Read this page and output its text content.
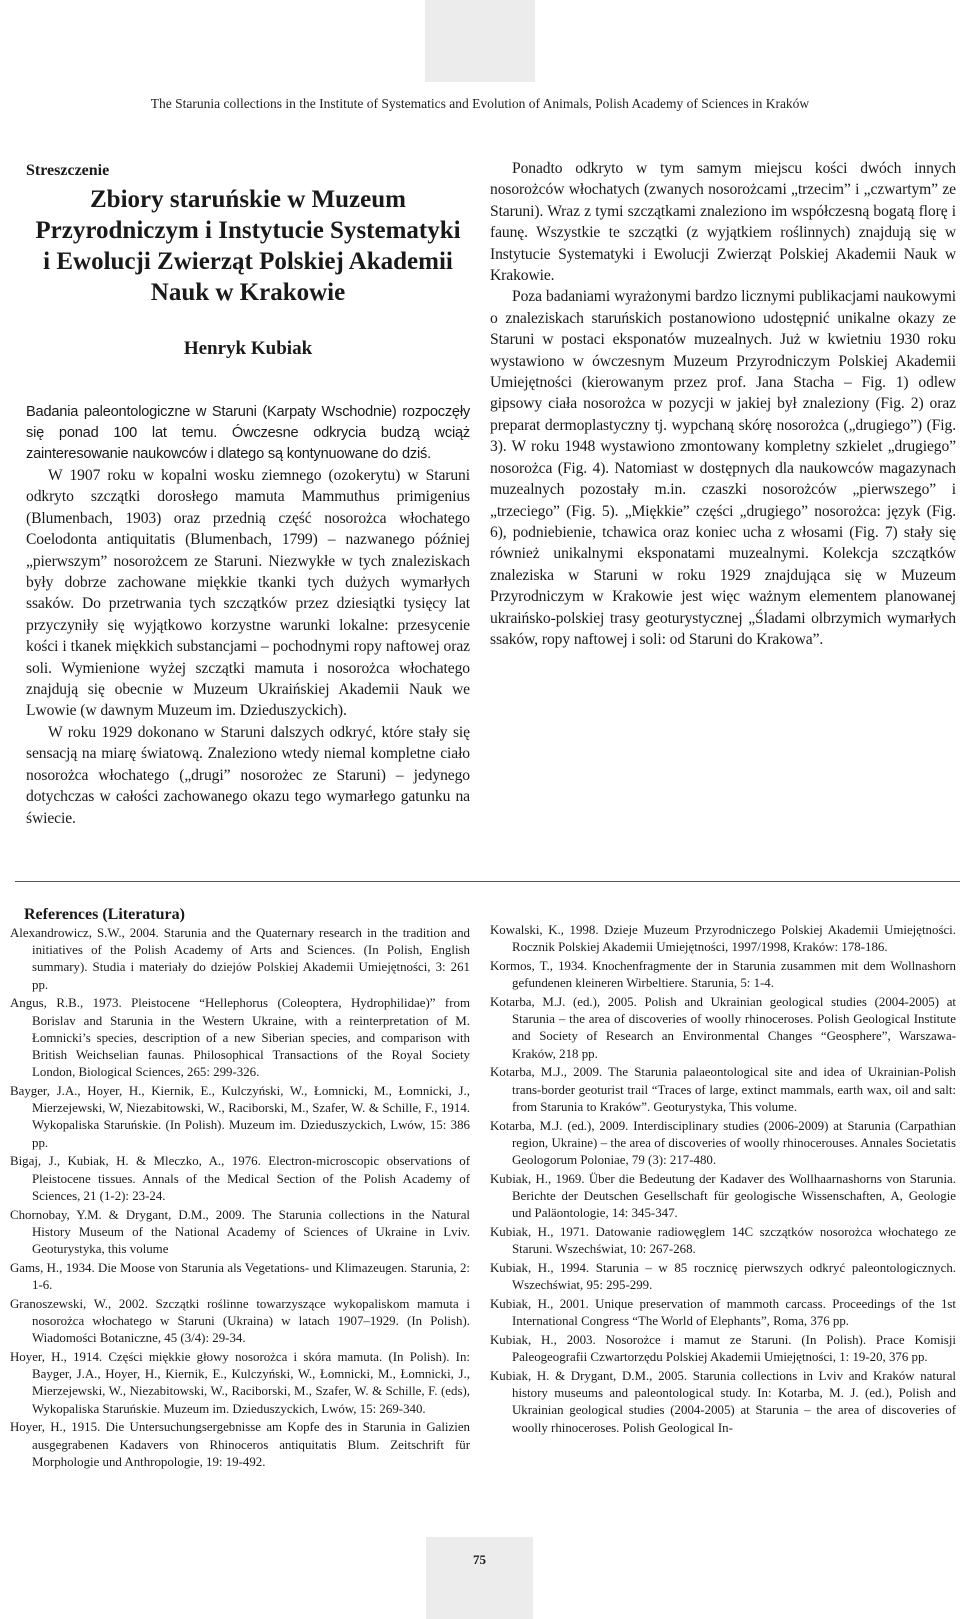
The Starunia collections in the Institute of Systematics and Evolution of Animals, Polish Academy of Sciences in Kraków

Streszczenie

Zbiory staruńskie w Muzeum

Przyrodniczym i Instytucie Systematyki

i Ewolucji Zwierząt Polskiej Akademii

Nauk w Krakowie

Henryk Kubiak

Badania paleontologiczne w Staruni (Karpaty Wschodnie) rozpoczęły się ponad 100 lat temu. Ówczesne odkrycia budzą wciąż zainteresowanie naukowców i dlatego są kontynuowane do dziś.

W 1907 roku w kopalni wosku ziemnego (ozokerytu) w Staruni odkryto szczątki dorosłego mamuta Mammuthus primigenius (Blumenbach, 1903) oraz przednią część nosorożca włochatego Coelodonta antiquitatis (Blumenbach, 1799) – nazwanego później „pierwszym” nosorożcem ze Staruni. Niezwykłe w tych znaleziskach były dobrze zachowane miękkie tkanki tych dużych wymarłych ssaków. Do przetrwania tych szczątków przez dziesiątki tysięcy lat przyczyniły się wyjątkowo korzystne warunki lokalne: przesycenie kości i tkanek miękkich substancjami – pochodnymi ropy naftowej oraz soli. Wymienione wyżej szczątki mamuta i nosorożca włochatego znajdują się obecnie w Muzeum Ukraińskiej Akademii Nauk we Lwowie (w dawnym Muzeum im. Dzieduszyckich).

W roku 1929 dokonano w Staruni dalszych odkryć, które stały się sensacją na miarę światową. Znaleziono wtedy niemal kompletne ciało nosorożca włochatego („drugi” nosorożec ze Staruni) – jedynego dotychczas w całości zachowanego okazu tego wymarłego gatunku na świecie.

Ponadto odkryto w tym samym miejscu kości dwóch innych nosorożców włochatych (zwanych nosorożcami „trzecim” i „czwartym” ze Staruni). Wraz z tymi szczątkami znaleziono im współczesną bogatą florę i faunę. Wszystkie te szczątki (z wyjątkiem roślinnych) znajdują się w Instytucie Systematyki i Ewolucji Zwierząt Polskiej Akademii Nauk w Krakowie.

Poza badaniami wyrażonymi bardzo licznymi publikacjami naukowymi o znaleziskach staruńskich postanowiono udostępnić unikalne okazy ze Staruni w postaci eksponatów muzealnych. Już w kwietniu 1930 roku wystawiono w ówczesnym Muzeum Przyrodniczym Polskiej Akademii Umiejętności (kierowanym przez prof. Jana Stacha – Fig. 1) odlew gipsowy ciała nosorożca w pozycji w jakiej był znaleziony (Fig. 2) oraz preparat dermoplastyczny tj. wypchaną skórę nosorożca („drugiego”) (Fig. 3). W roku 1948 wystawiono zmontowany kompletny szkielet „drugiego” nosorożca (Fig. 4). Natomiast w dostępnych dla naukowców magazynach muzealnych pozostały m.in. czaszki nosorożców „pierwszego” i „trzeciego” (Fig. 5). „Miękkie” części „drugiego” nosorożca: język (Fig. 6), podniebienie, tchawica oraz koniec ucha z włosami (Fig. 7) stały się również unikalnymi eksponatami muzealnymi. Kolekcja szczątków znaleziska w Staruni w roku 1929 znajdująca się w Muzeum Przyrodniczym w Krakowie jest więc ważnym elementem planowanej ukraińsko-polskiej trasy geoturystycznej „Śladami olbrzymich wymarłych ssaków, ropy naftowej i soli: od Staruni do Krakowa”.

References (Literatura)

Alexandrowicz, S.W., 2004. Starunia and the Quaternary research in the tradition and initiatives of the Polish Academy of Arts and Sciences. (In Polish, English summary). Studia i materiały do dziejów Polskiej Akademii Umiejętności, 3: 261 pp.

Angus, R.B., 1973. Pleistocene “Hellephorus (Coleoptera, Hydrophilidae)” from Borislav and Starunia in the Western Ukraine, with a reinterpretation of M. Łomnicki’s species, description of a new Siberian species, and comparison with British Weichselian faunas. Philosophical Transactions of the Royal Society London, Biological Sciences, 265: 299-326.

Bayger, J.A., Hoyer, H., Kiernik, E., Kulczyński, W., Łomnicki, M., Łomnicki, J., Mierzejewski, W, Niezabitowski, W., Raciborski, M., Szafer, W. & Schille, F., 1914. Wykopaliska Staruńskie. (In Polish). Muzeum im. Dzieduszyckich, Lwów, 15: 386 pp.

Bigaj, J., Kubiak, H. & Mleczko, A., 1976. Electron-microscopic observations of Pleistocene tissues. Annals of the Medical Section of the Polish Academy of Sciences, 21 (1-2): 23-24.

Chornobay, Y.M. & Drygant, D.M., 2009. The Starunia collections in the Natural History Museum of the National Academy of Sciences of Ukraine in Lviv. Geoturystyka, this volume

Gams, H., 1934. Die Moose von Starunia als Vegetations- und Klimazeugen. Starunia, 2: 1-6.

Granoszewski, W., 2002. Szczątki roślinne towarzyszące wykopaliskom mamuta i nosorożca włochatego w Staruni (Ukraina) w latach 1907–1929. (In Polish). Wiadomości Botaniczne, 45 (3/4): 29-34.

Hoyer, H., 1914. Części miękkie głowy nosorożca i skóra mamuta. (In Polish). In: Bayger, J.A., Hoyer, H., Kiernik, E., Kulczyński, W., Łomnicki, M., Łomnicki, J., Mierzejewski, W., Niezabitowski, W., Raciborski, M., Szafer, W. & Schille, F. (eds), Wykopaliska Staruńskie. Muzeum im. Dzieduszyckich, Lwów, 15: 269-340.

Hoyer, H., 1915. Die Untersuchungsergebnisse am Kopfe des in Starunia in Galizien ausgegrabenen Kadavers von Rhinoceros antiquitatis Blum. Zeitschrift für Morphologie und Anthropologie, 19: 19-492.

Kowalski, K., 1998. Dzieje Muzeum Przyrodniczego Polskiej Akademii Umiejętności. Rocznik Polskiej Akademii Umiejętności, 1997/1998, Kraków: 178-186.

Kormos, T., 1934. Knochenfragmente der in Starunia zusammen mit dem Wollnashorn gefundenen kleineren Wirbeltiere. Starunia, 5: 1-4.

Kotarba, M.J. (ed.), 2005. Polish and Ukrainian geological studies (2004-2005) at Starunia – the area of discoveries of woolly rhinoceroses. Polish Geological Institute and Society of Research an Environmental Changes “Geosphere”, Warszawa-Kraków, 218 pp.

Kotarba, M.J., 2009. The Starunia palaeontological site and idea of Ukrainian-Polish trans-border geoturist trail “Traces of large, extinct mammals, earth wax, oil and salt: from Starunia to Kraków”. Geoturystyka, This volume.

Kotarba, M.J. (ed.), 2009. Interdisciplinary studies (2006-2009) at Starunia (Carpathian region, Ukraine) – the area of discoveries of woolly rhinocerouses. Annales Societatis Geologorum Poloniae, 79 (3): 217-480.

Kubiak, H., 1969. Über die Bedeutung der Kadaver des Wollhaarnashorns von Starunia. Berichte der Deutschen Gesellschaft für geologische Wissenschaften, A, Geologie und Paläontologie, 14: 345-347.

Kubiak, H., 1971. Datowanie radiowęglem 14C szczątków nosorożca włochatego ze Staruni. Wszechświat, 10: 267-268.

Kubiak, H., 1994. Starunia – w 85 rocznicę pierwszych odkryć paleontologicznych. Wszechświat, 95: 295-299.

Kubiak, H., 2001. Unique preservation of mammoth carcass. Proceedings of the 1st International Congress “The World of Elephants”, Roma, 376 pp.

Kubiak, H., 2003. Nosorożce i mamut ze Staruni. (In Polish). Prace Komisji Paleogeografii Czwartorzędu Polskiej Akademii Umiejętności, 1: 19-20, 376 pp.

Kubiak, H. & Drygant, D.M., 2005. Starunia collections in Lviv and Kraków natural history museums and paleontological study. In: Kotarba, M. J. (ed.), Polish and Ukrainian geological studies (2004-2005) at Starunia – the area of discoveries of woolly rhinoceroses. Polish Geological In-

75
